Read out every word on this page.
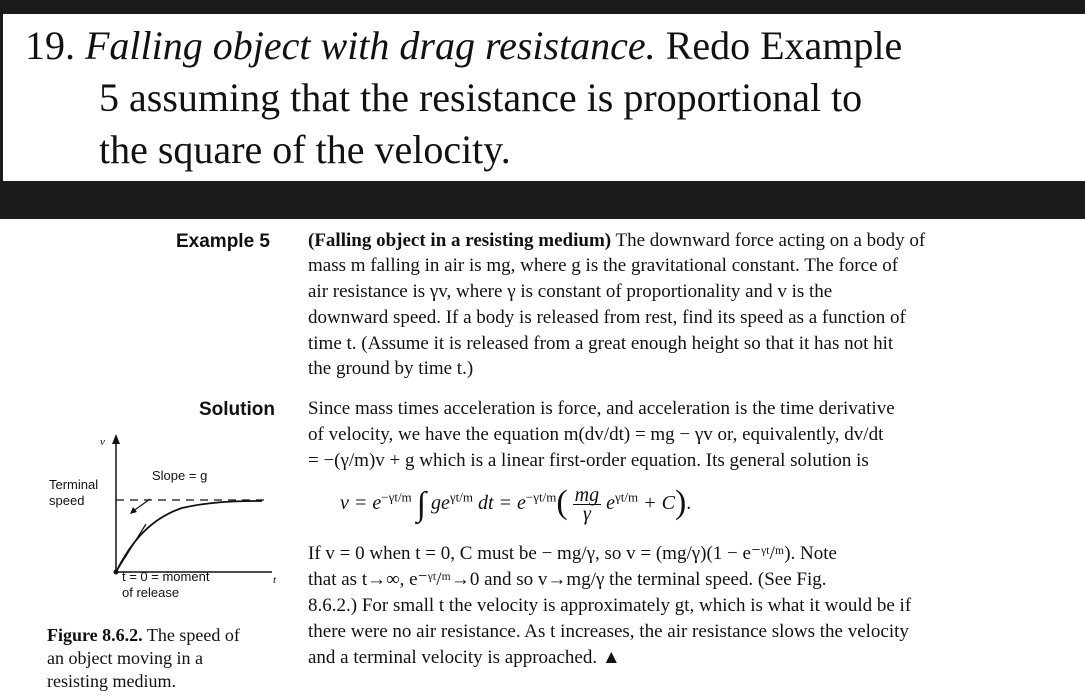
19. Falling object with drag resistance. Redo Example
5 assuming that the resistance is proportional to
the square of the velocity.
Example 5 (Falling object in a resisting medium) The downward force acting on a body of
mass m falling in air is mg, where g is the gravitational constant. The force of
air resistance is γv, where γ is constant of proportionality and v is the
downward speed. If a body is released from rest, find its speed as a function of
time t. (Assume it is released from a great enough height so that it has not hit
the ground by time t.)
Solution Since mass times acceleration is force, and acceleration is the time derivative
of velocity, we have the equation m(dv/dt) = mg − γv or, equivalently, dv/dt
= −(γ/m)v + g which is a linear first-order equation. Its general solution is
$v = e^{-\gamma t/m}$ ∫ $ge^{\gamma t/m}$ dt = $e^{-\gamma t/m}( \frac{mg}{\gamma} e^{\gamma t/m} + C)$.
If v = 0 when t = 0, C must be − mg/γ, so v = (mg/γ)(1 − e⁻ᵞᵗ/ᵐ). Note
that as t→∞, e⁻ᵞᵗ/ᵐ→0 and so v→mg/γ the terminal speed. (See Fig.
8.6.2.) For small t the velocity is approximately gt, which is what it would be if
there were no air resistance. As t increases, the air resistance slows the velocity
and a terminal velocity is approached. ▲
v
t
Terminal
speed
Slope = g
t = 0 = moment
of release
Figure 8.6.2. The speed of
an object moving in a
resisting medium.
